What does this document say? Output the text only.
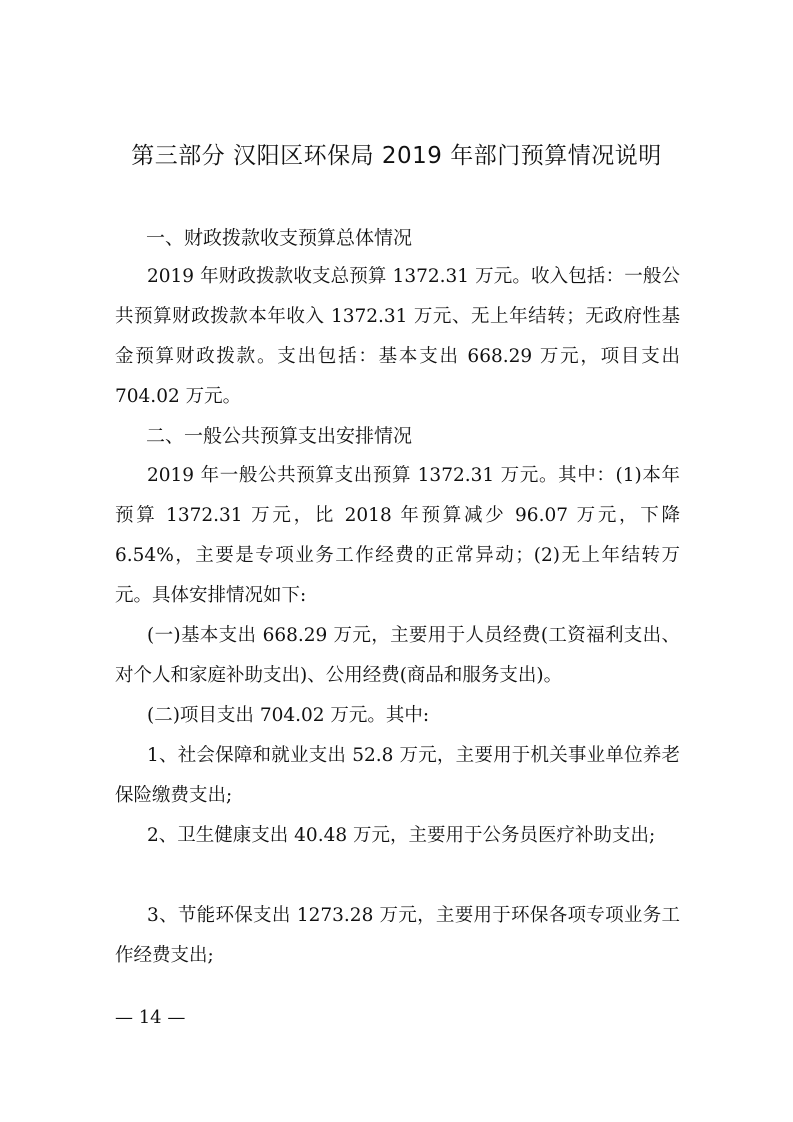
第三部分 汉阳区环保局 2019 年部门预算情况说明
一、财政拨款收支预算总体情况
2019 年财政拨款收支总预算 1372.31 万元。收入包括：一般公共预算财政拨款本年收入 1372.31 万元、无上年结转；无政府性基金预算财政拨款。支出包括：基本支出 668.29 万元，项目支出 704.02 万元。
二、一般公共预算支出安排情况
2019 年一般公共预算支出预算 1372.31 万元。其中：(1)本年预算 1372.31 万元，比 2018 年预算减少 96.07 万元，下降 6.54%，主要是专项业务工作经费的正常异动；(2)无上年结转万元。具体安排情况如下:
(一)基本支出 668.29 万元，主要用于人员经费(工资福利支出、对个人和家庭补助支出)、公用经费(商品和服务支出)。
(二)项目支出 704.02 万元。其中:
1、社会保障和就业支出 52.8 万元，主要用于机关事业单位养老保险缴费支出;
2、卫生健康支出 40.48 万元，主要用于公务员医疗补助支出;
3、节能环保支出 1273.28 万元，主要用于环保各项专项业务工作经费支出;
— 14 —
